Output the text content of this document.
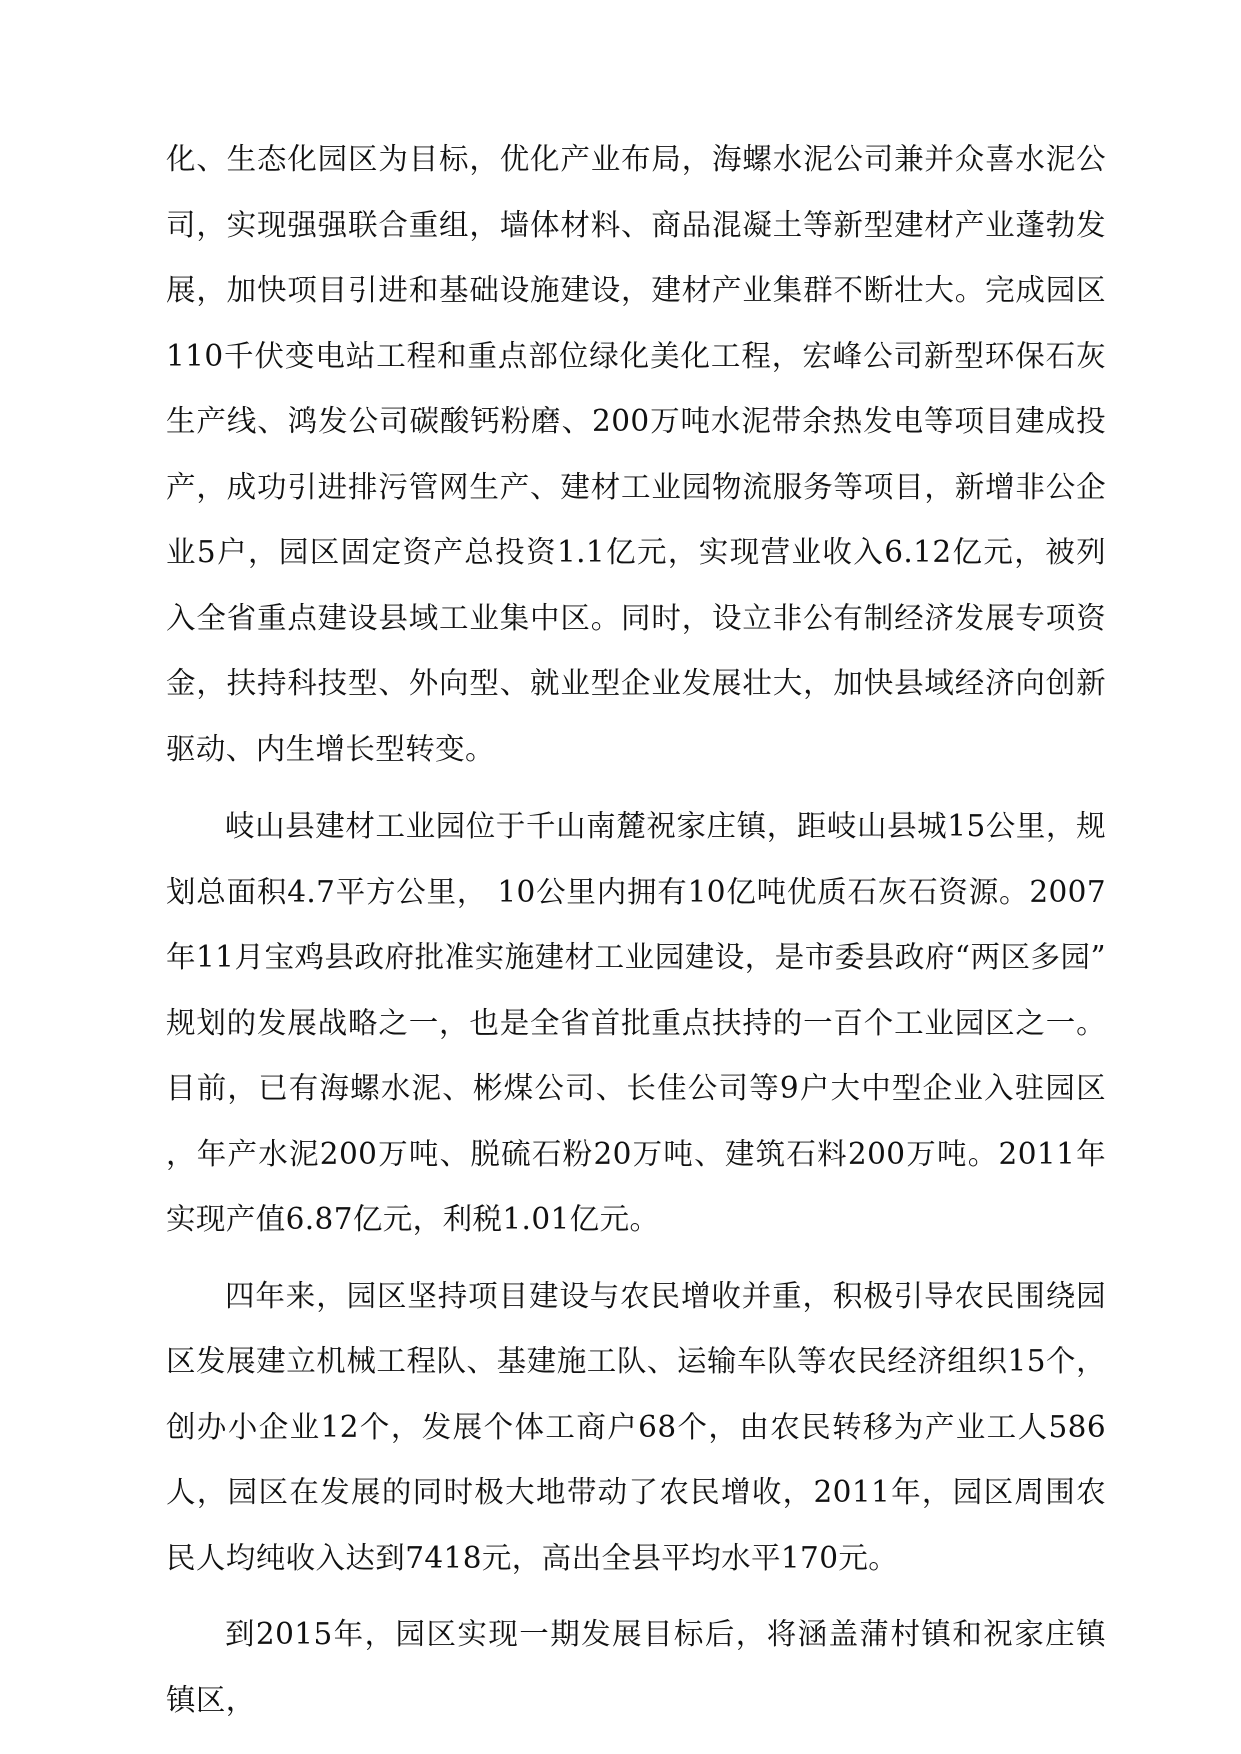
化、生态化园区为目标，优化产业布局，海螺水泥公司兼并众喜水泥公司，实现强强联合重组，墙体材料、商品混凝土等新型建材产业蓬勃发展，加快项目引进和基础设施建设，建材产业集群不断壮大。完成园区110千伏变电站工程和重点部位绿化美化工程，宏峰公司新型环保石灰生产线、鸿发公司碳酸钙粉磨、200万吨水泥带余热发电等项目建成投产，成功引进排污管网生产、建材工业园物流服务等项目，新增非公企业5户，园区固定资产总投资1.1亿元，实现营业收入6.12亿元，被列入全省重点建设县域工业集中区。同时，设立非公有制经济发展专项资金，扶持科技型、外向型、就业型企业发展壮大，加快县域经济向创新驱动、内生增长型转变。

岐山县建材工业园位于千山南麓祝家庄镇，距岐山县城15公里，规划总面积4.7平方公里， 10公里内拥有10亿吨优质石灰石资源。2007年11月宝鸡县政府批准实施建材工业园建设，是市委县政府“两区多园”规划的发展战略之一，也是全省首批重点扶持的一百个工业园区之一。目前，已有海螺水泥、彬煤公司、长佳公司等9户大中型企业入驻园区，年产水泥200万吨、脱硫石粉20万吨、建筑石料200万吨。2011年实现产值6.87亿元，利税1.01亿元。

四年来，园区坚持项目建设与农民增收并重，积极引导农民围绕园区发展建立机械工程队、基建施工队、运输车队等农民经济组织15个，创办小企业12个，发展个体工商户68个，由农民转移为产业工人586人，园区在发展的同时极大地带动了农民增收，2011年，园区周围农民人均纯收入达到7418元，高出全县平均水平170元。

到2015年，园区实现一期发展目标后，将涵盖蒲村镇和祝家庄镇镇区，
